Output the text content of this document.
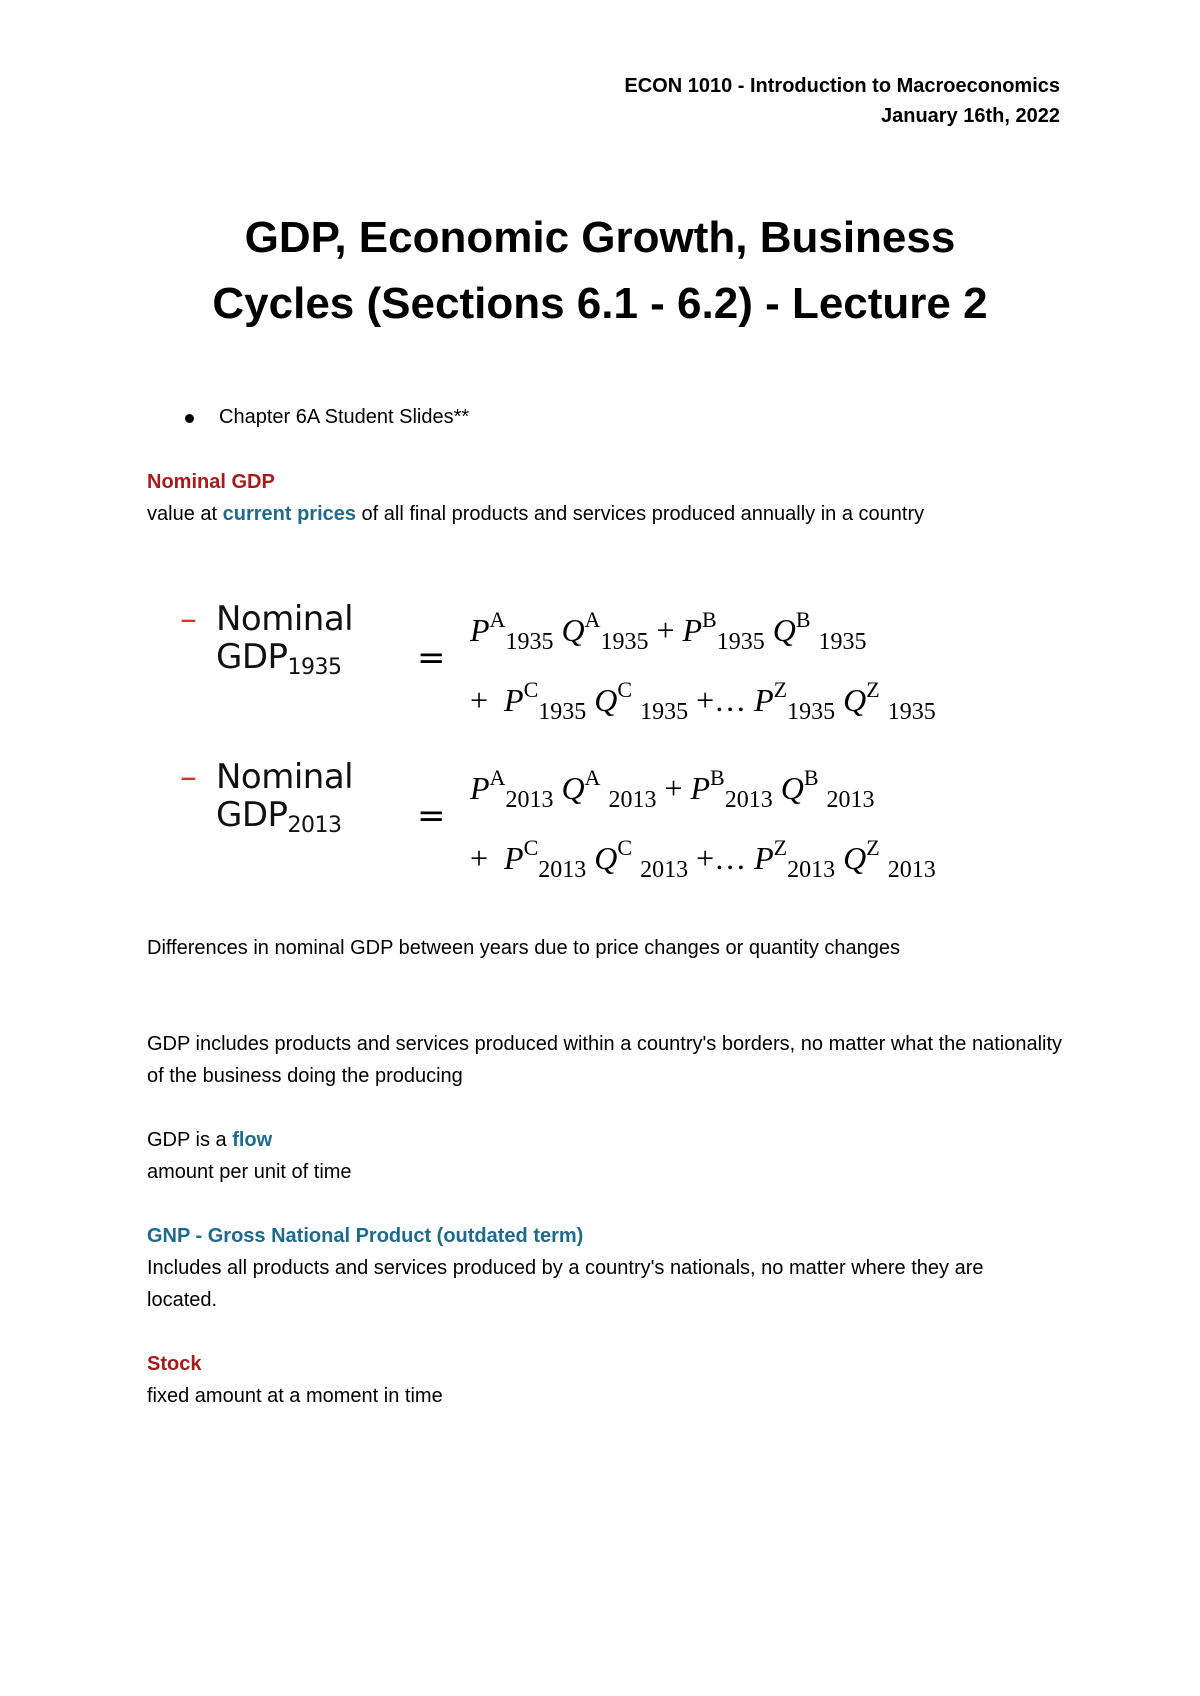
ECON 1010 - Introduction to Macroeconomics
January 16th, 2022
GDP, Economic Growth, Business
Cycles (Sections 6.1 - 6.2) - Lecture 2
Chapter 6A Student Slides**
Nominal GDP
value at current prices of all final products and services produced annually in a country
– Nominal
$GDP_{1935}$	=
$P^A_{1935}$ $Q^A_{1935} + P^B_{1935}$ $Q^B$ $_{1935}$
+  $P^C_{1935}$ $Q^C$ $_{1935}$ +… $P^Z_{1935}$ $Q^Z$ $_{1935}$
– Nominal
$GDP_{2013}$	=
$P^A_{2013}$ $Q^A$ $_{2013} + P^B_{2013}$ $Q^B$ $_{2013}$
+  $P^C_{2013}$ $Q^C$ $_{2013}$ +… $P^Z_{2013}$ $Q^Z$ $_{2013}$
Differences in nominal GDP between years due to price changes or quantity changes
GDP includes products and services produced within a country's borders, no matter what the nationality of the business doing the producing
GDP is a flow
amount per unit of time
GNP - Gross National Product (outdated term)
Includes all products and services produced by a country's nationals, no matter where they are located.
Stock
fixed amount at a moment in time
